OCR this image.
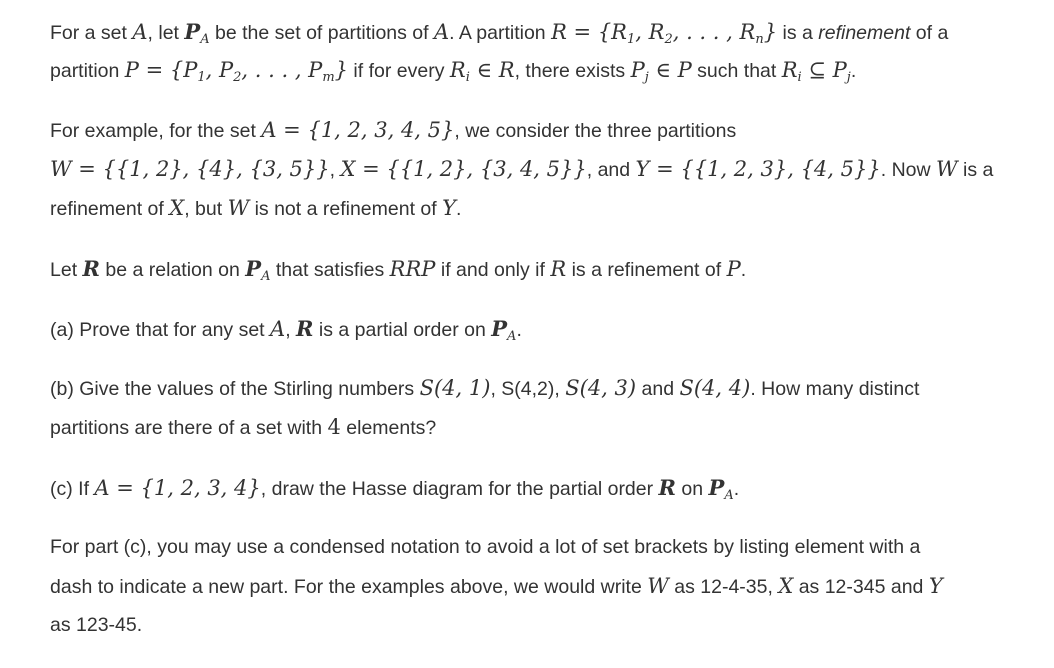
For a set A, let $P_A$ be the set of partitions of A. A partition $R = \{R_1$, $R_2$, . . . , $R_n$} is a refinement of a
partition $P = \{P_1$, $P_2$, . . . , $P_m$} if for every $R_i$ ∈ R, there exists $P_j$ ∈ P such that $R_i$ ⊆ $P_j$.
For example, for the set A = {1, 2, 3, 4, 5}, we consider the three partitions
W = {{1, 2}, {4}, {3, 5}}, X = {{1, 2}, {3, 4, 5}}, and Y = {{1, 2, 3}, {4, 5}}. Now W is a
refinement of X, but W is not a refinement of Y.
Let R be a relation on $P_A$ that satisfies RRP if and only if R is a refinement of P.
(a) Prove that for any set A, R is a partial order on $P_A$.
(b) Give the values of the Stirling numbers S(4, 1), S(4,2), S(4, 3) and S(4, 4). How many distinct
partitions are there of a set with 4 elements?
(c) If A = {1, 2, 3, 4}, draw the Hasse diagram for the partial order R on $P_A$.
For part (c), you may use a condensed notation to avoid a lot of set brackets by listing element with a
dash to indicate a new part. For the examples above, we would write W as 12-4-35, X as 12-345 and Y
as 123-45.
